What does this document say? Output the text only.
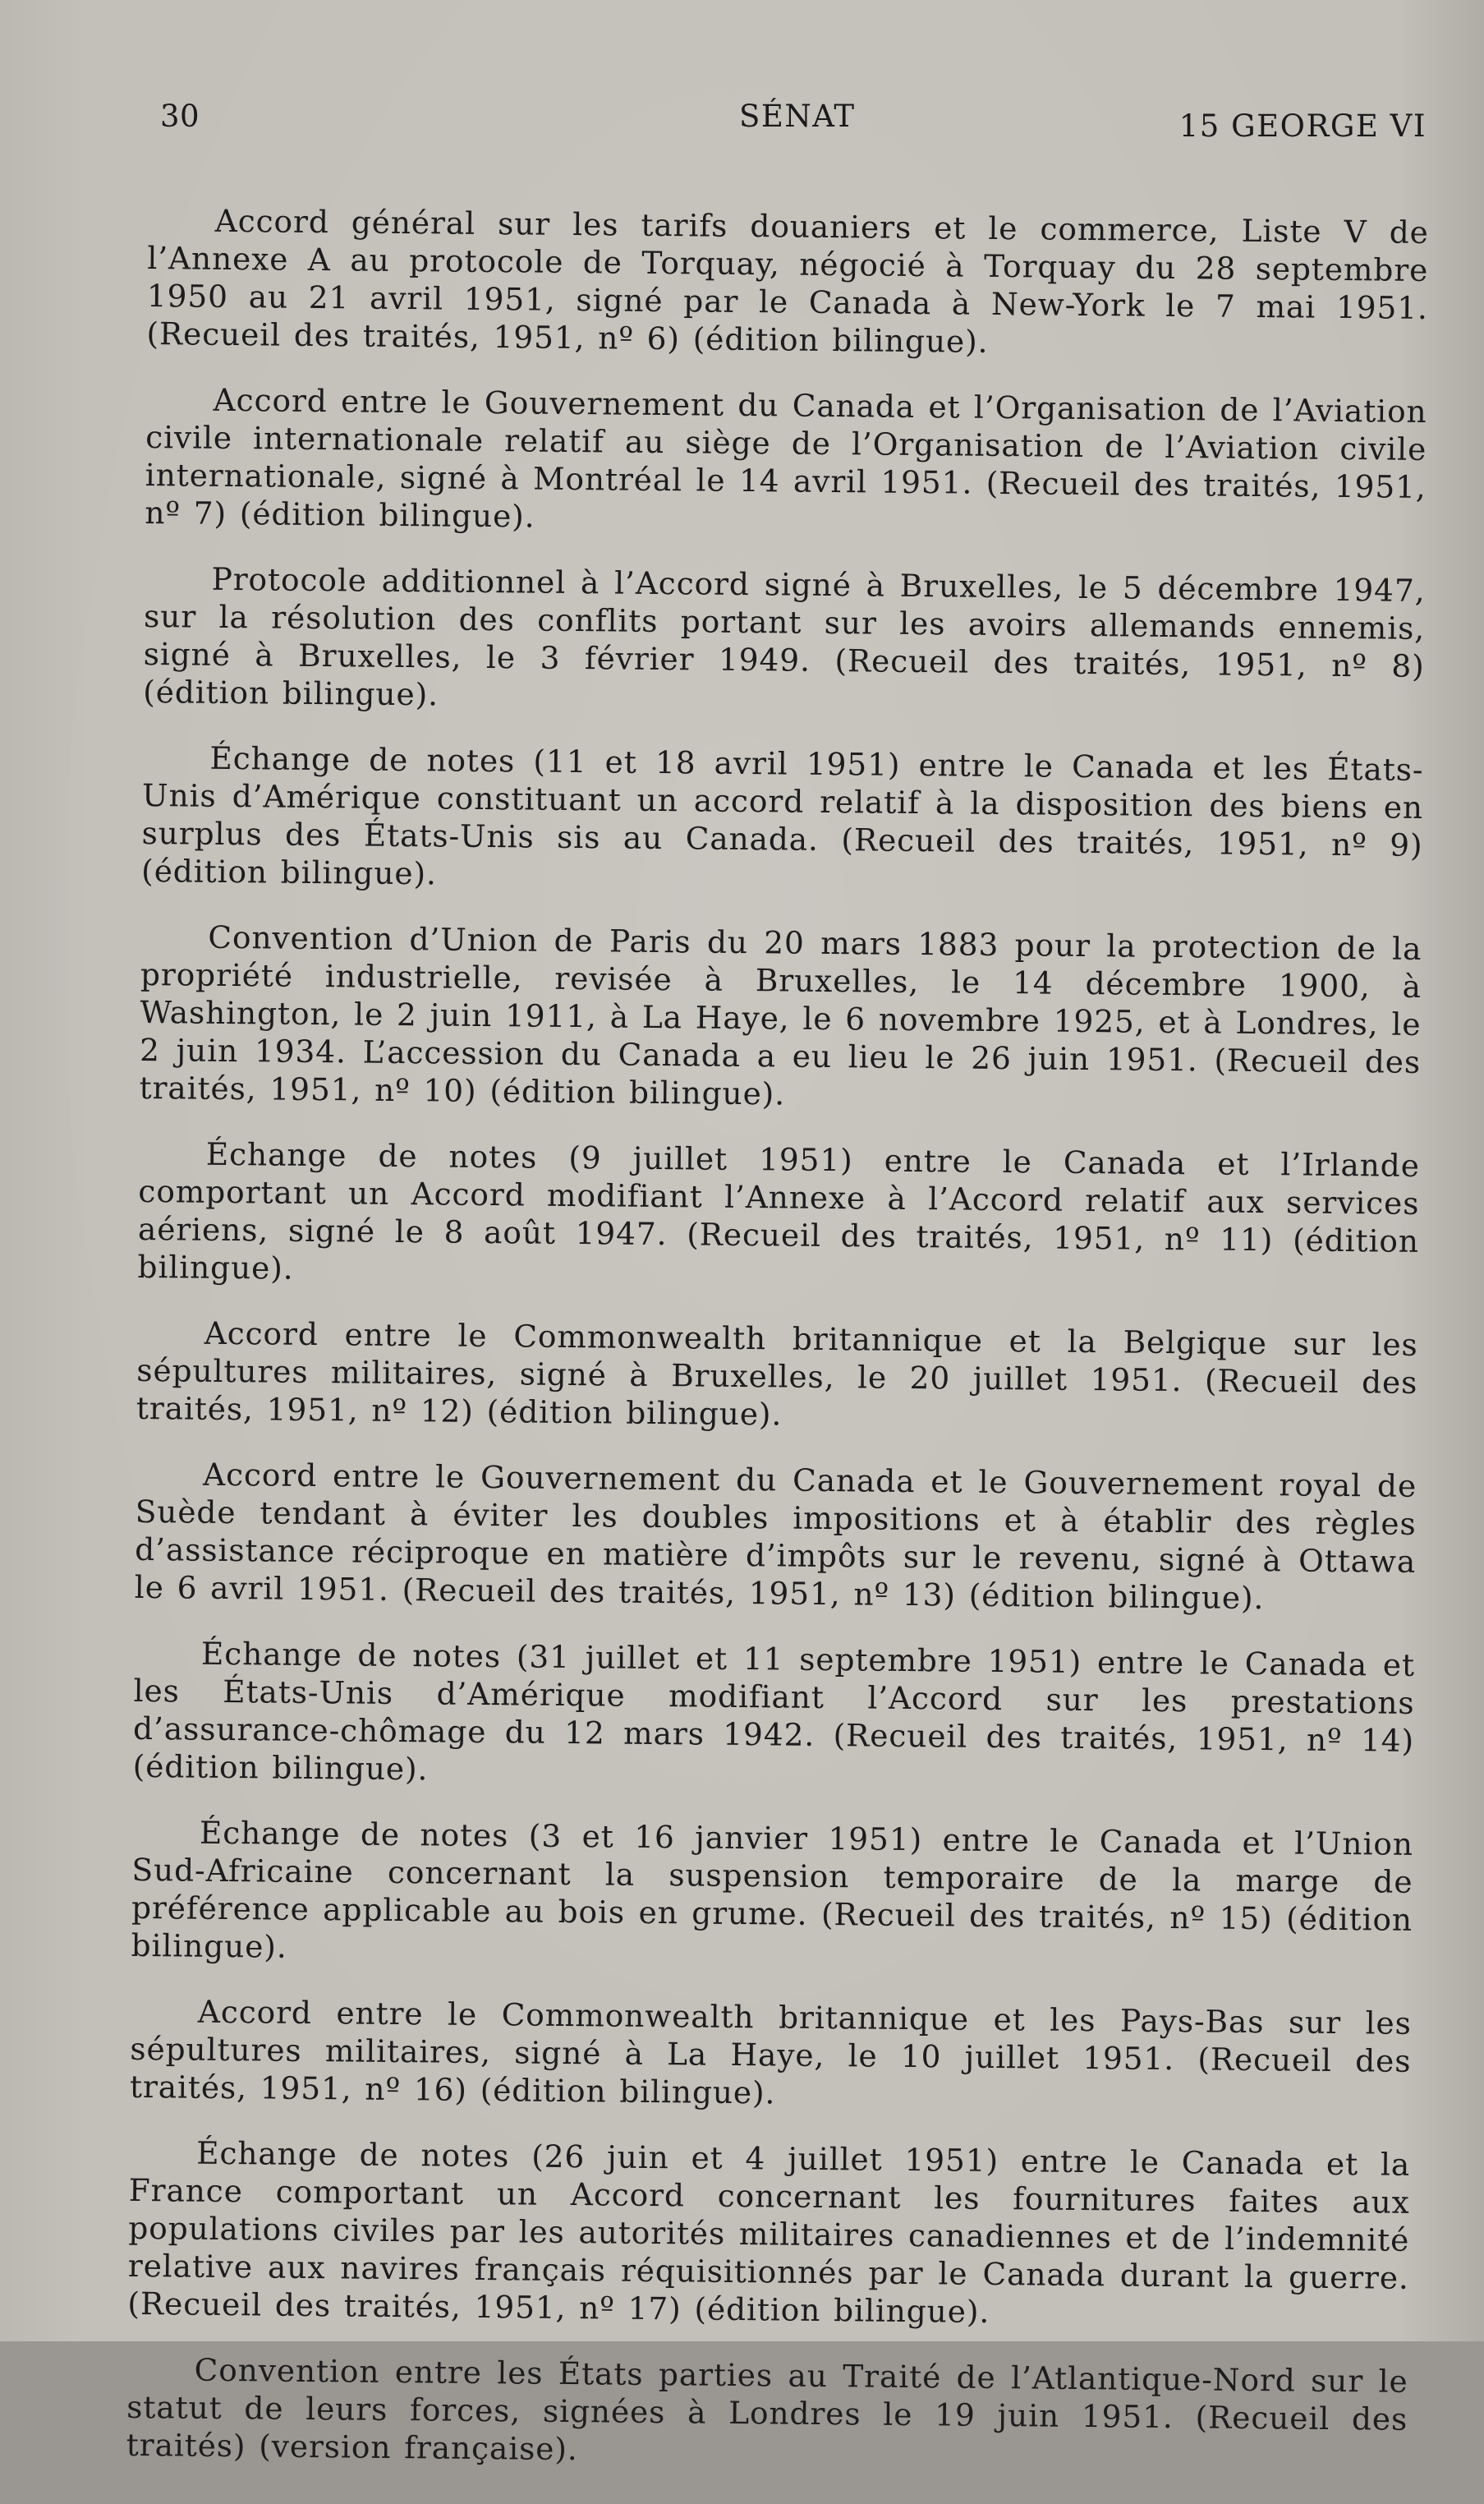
30	SÉNAT	15 GEORGE VI

Accord général sur les tarifs douaniers et le commerce, Liste V de l’Annexe A au protocole de Torquay, négocié à Torquay du 28 septembre 1950 au 21 avril 1951, signé par le Canada à New-York le 7 mai 1951. (Recueil des traités, 1951, nº 6) (édition bilingue).

Accord entre le Gouvernement du Canada et l’Organisation de l’Aviation civile internationale relatif au siège de l’Organisation de l’Aviation civile internationale, signé à Montréal le 14 avril 1951. (Recueil des traités, 1951, nº 7) (édition bilingue).

Protocole additionnel à l’Accord signé à Bruxelles, le 5 décembre 1947, sur la résolution des conflits portant sur les avoirs allemands ennemis, signé à Bruxelles, le 3 février 1949. (Recueil des traités, 1951, nº 8) (édition bilingue).

Échange de notes (11 et 18 avril 1951) entre le Canada et les États-Unis d’Amérique constituant un accord relatif à la disposition des biens en surplus des États-Unis sis au Canada. (Recueil des traités, 1951, nº 9) (édition bilingue).

Convention d’Union de Paris du 20 mars 1883 pour la protection de la propriété industrielle, revisée à Bruxelles, le 14 décembre 1900, à Washington, le 2 juin 1911, à La Haye, le 6 novembre 1925, et à Londres, le 2 juin 1934. L’accession du Canada a eu lieu le 26 juin 1951. (Recueil des traités, 1951, nº 10) (édition bilingue).

Échange de notes (9 juillet 1951) entre le Canada et l’Irlande comportant un Accord modifiant l’Annexe à l’Accord relatif aux services aériens, signé le 8 août 1947. (Recueil des traités, 1951, nº 11) (édition bilingue).

Accord entre le Commonwealth britannique et la Belgique sur les sépultures militaires, signé à Bruxelles, le 20 juillet 1951. (Recueil des traités, 1951, nº 12) (édition bilingue).

Accord entre le Gouvernement du Canada et le Gouvernement royal de Suède tendant à éviter les doubles impositions et à établir des règles d’assistance réciproque en matière d’impôts sur le revenu, signé à Ottawa le 6 avril 1951. (Recueil des traités, 1951, nº 13) (édition bilingue).

Échange de notes (31 juillet et 11 septembre 1951) entre le Canada et les États-Unis d’Amérique modifiant l’Accord sur les prestations d’assurance-chômage du 12 mars 1942. (Recueil des traités, 1951, nº 14) (édition bilingue).

Échange de notes (3 et 16 janvier 1951) entre le Canada et l’Union Sud-Africaine concernant la suspension temporaire de la marge de préférence applicable au bois en grume. (Recueil des traités, nº 15) (édition bilingue).

Accord entre le Commonwealth britannique et les Pays-Bas sur les sépultures militaires, signé à La Haye, le 10 juillet 1951. (Recueil des traités, 1951, nº 16) (édition bilingue).

Échange de notes (26 juin et 4 juillet 1951) entre le Canada et la France comportant un Accord concernant les fournitures faites aux populations civiles par les autorités militaires canadiennes et de l’indemnité relative aux navires français réquisitionnés par le Canada durant la guerre. (Recueil des traités, 1951, nº 17) (édition bilingue).

Convention entre les États parties au Traité de l’Atlantique-Nord sur le statut de leurs forces, signées à Londres le 19 juin 1951. (Recueil des traités) (version française).
